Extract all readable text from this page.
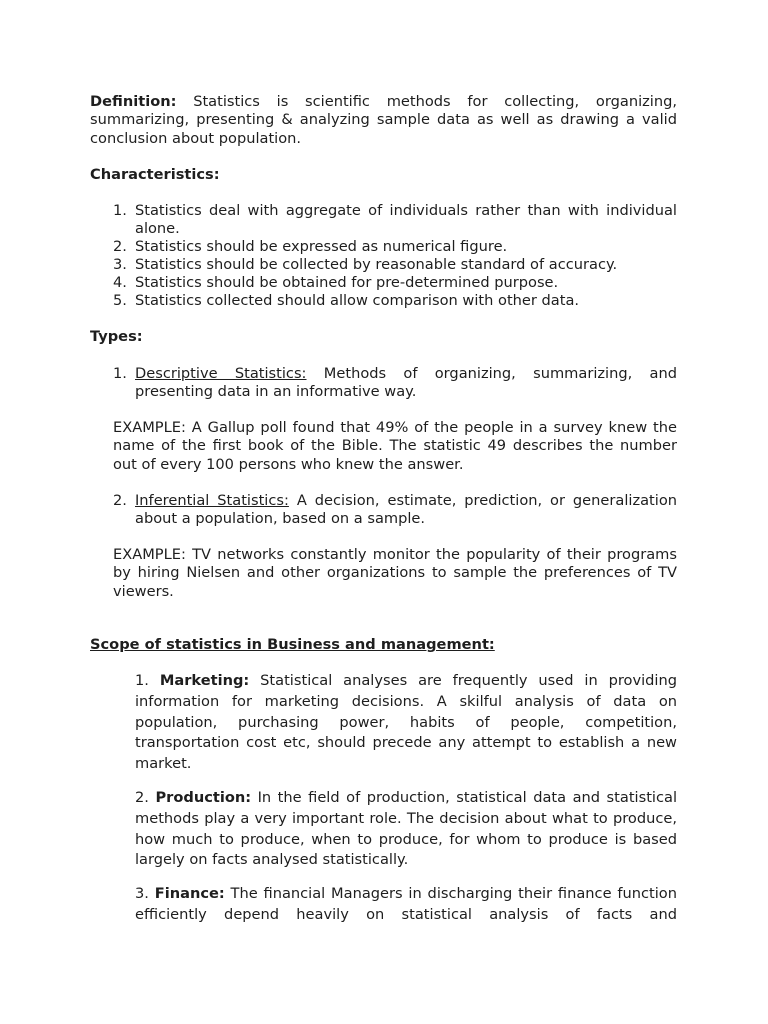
Definition: Statistics is scientific methods for collecting, organizing, summarizing, presenting & analyzing sample data as well as drawing a valid conclusion about population.
Characteristics:
1. Statistics deal with aggregate of individuals rather than with individual alone.
2. Statistics should be expressed as numerical figure.
3. Statistics should be collected by reasonable standard of accuracy.
4. Statistics should be obtained for pre-determined purpose.
5. Statistics collected should allow comparison with other data.
Types:
1. Descriptive Statistics: Methods of organizing, summarizing, and presenting data in an informative way.
EXAMPLE: A Gallup poll found that 49% of the people in a survey knew the name of the first book of the Bible. The statistic 49 describes the number out of every 100 persons who knew the answer.
2. Inferential Statistics: A decision, estimate, prediction, or generalization about a population, based on a sample.
EXAMPLE: TV networks constantly monitor the popularity of their programs by hiring Nielsen and other organizations to sample the preferences of TV viewers.
Scope of statistics in Business and management:
1. Marketing: Statistical analyses are frequently used in providing information for marketing decisions. A skilful analysis of data on population, purchasing power, habits of people, competition, transportation cost etc, should precede any attempt to establish a new market.
2. Production: In the field of production, statistical data and statistical methods play a very important role. The decision about what to produce, how much to produce, when to produce, for whom to produce is based largely on facts analysed statistically.
3. Finance: The financial Managers in discharging their finance function efficiently depend heavily on statistical analysis of facts and
